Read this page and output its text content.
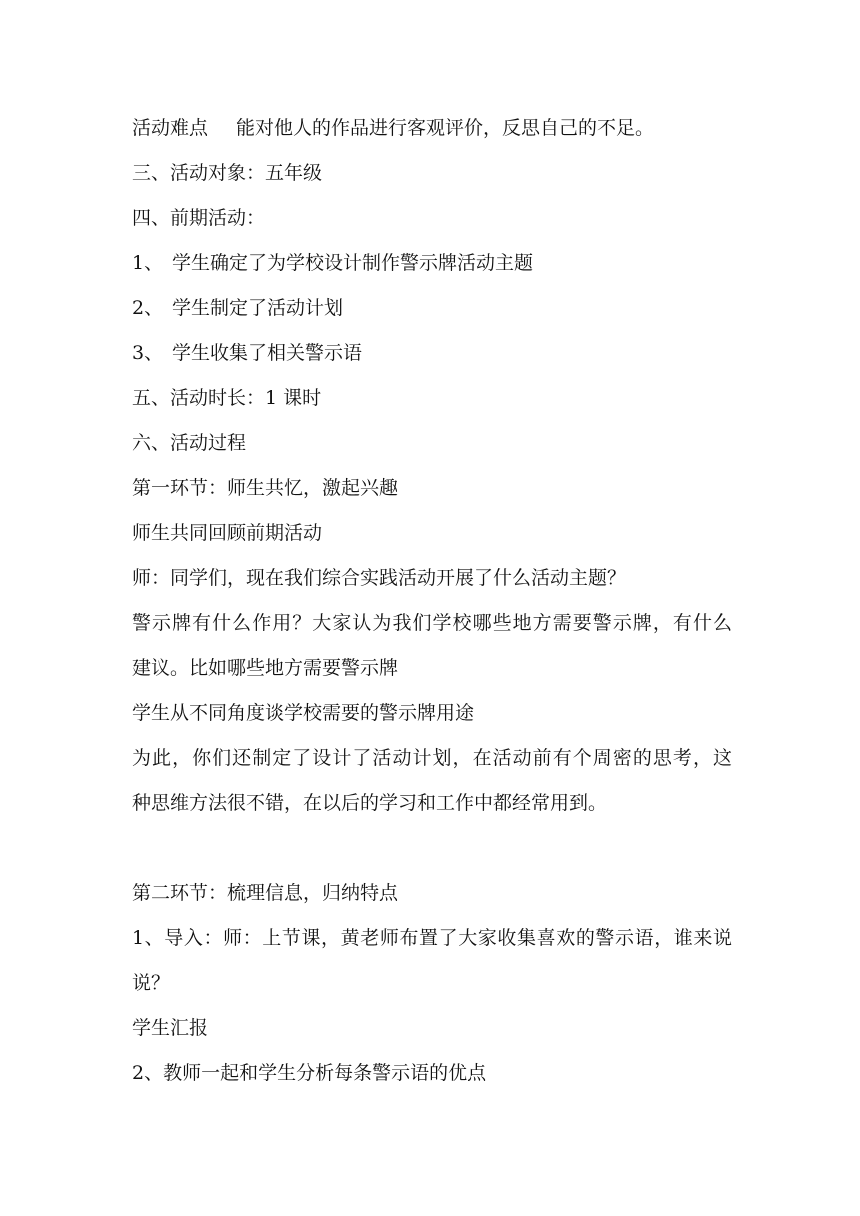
活动难点 能对他人的作品进行客观评价，反思自己的不足。
三、活动对象：五年级
四、前期活动：
1、 学生确定了为学校设计制作警示牌活动主题
2、 学生制定了活动计划
3、 学生收集了相关警示语
五、活动时长：1 课时
六、活动过程
第一环节：师生共忆，激起兴趣
师生共同回顾前期活动
师：同学们，现在我们综合实践活动开展了什么活动主题？
警示牌有什么作用？大家认为我们学校哪些地方需要警示牌，有什么
建议。比如哪些地方需要警示牌
学生从不同角度谈学校需要的警示牌用途
为此，你们还制定了设计了活动计划，在活动前有个周密的思考，这
种思维方法很不错，在以后的学习和工作中都经常用到。
第二环节：梳理信息，归纳特点
1、导入：师：上节课，黄老师布置了大家收集喜欢的警示语，谁来说
说？
学生汇报
2、教师一起和学生分析每条警示语的优点
